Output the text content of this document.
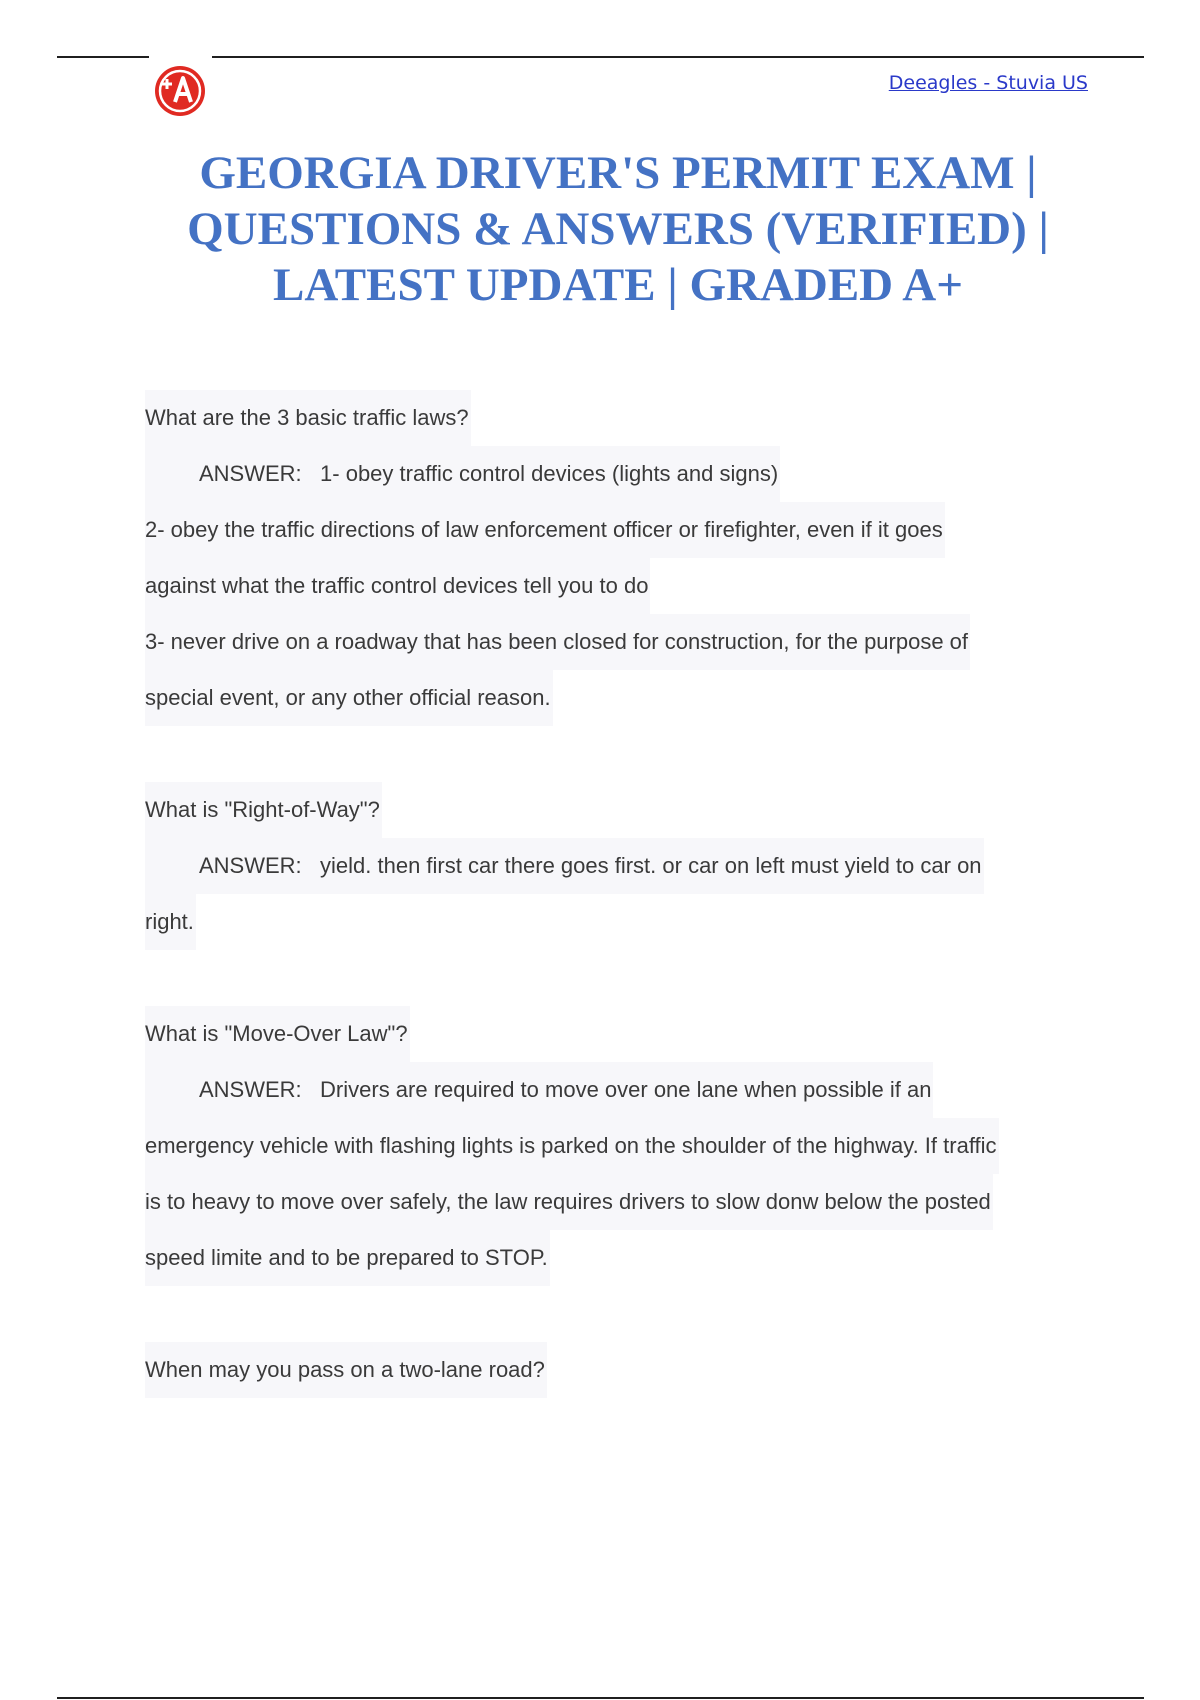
Deeagles - Stuvia US
GEORGIA DRIVER'S PERMIT EXAM |
QUESTIONS & ANSWERS (VERIFIED) |
LATEST UPDATE | GRADED A+
What are the 3 basic traffic laws?
ANSWER: 1- obey traffic control devices (lights and signs)
2- obey the traffic directions of law enforcement officer or firefighter, even if it goes
against what the traffic control devices tell you to do
3- never drive on a roadway that has been closed for construction, for the purpose of
special event, or any other official reason.
What is "Right-of-Way"?
ANSWER: yield. then first car there goes first. or car on left must yield to car on
right.
What is "Move-Over Law"?
ANSWER: Drivers are required to move over one lane when possible if an
emergency vehicle with flashing lights is parked on the shoulder of the highway. If traffic
is to heavy to move over safely, the law requires drivers to slow donw below the posted
speed limite and to be prepared to STOP.
When may you pass on a two-lane road?
